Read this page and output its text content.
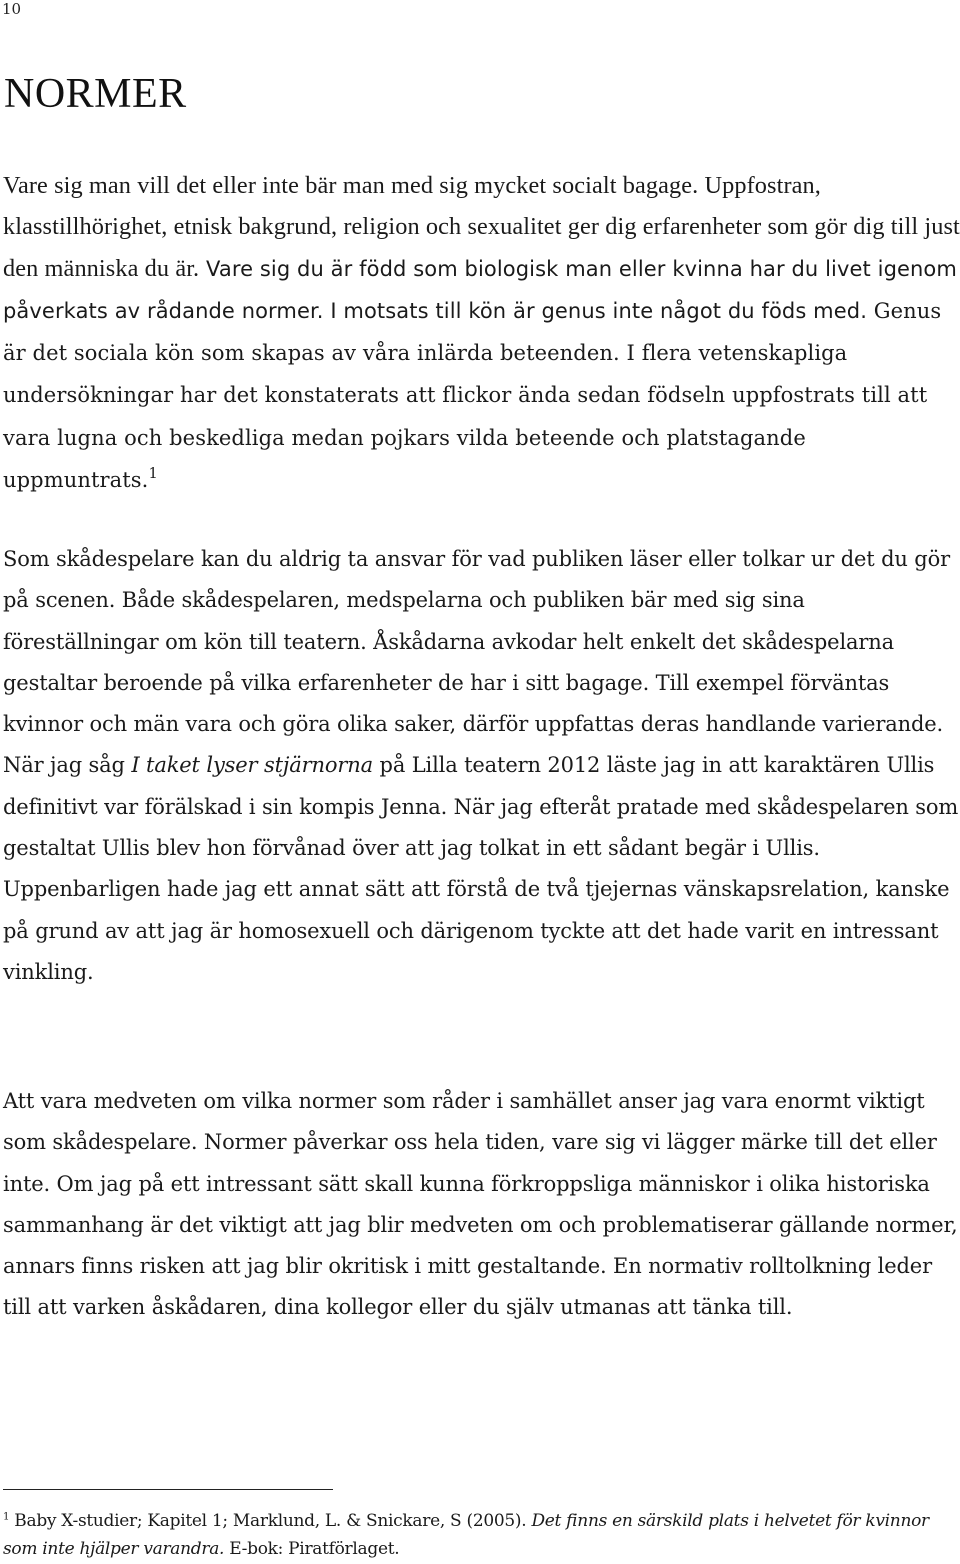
10
NORMER

Vare sig man vill det eller inte bär man med sig mycket socialt bagage. Uppfostran, klasstillhörighet, etnisk bakgrund, religion och sexualitet ger dig erfarenheter som gör dig till just den människa du är. Vare sig du är född som biologisk man eller kvinna har du livet igenom påverkats av rådande normer. I motsats till kön är genus inte något du föds med. Genus är det sociala kön som skapas av våra inlärda beteenden. I flera vetenskapliga undersökningar har det konstaterats att flickor ända sedan födseln uppfostrats till att vara lugna och beskedliga medan pojkars vilda beteende och platstagande uppmuntrats.$^1$

Som skådespelare kan du aldrig ta ansvar för vad publiken läser eller tolkar ur det du gör på scenen. Både skådespelaren, medspelarna och publiken bär med sig sina föreställningar om kön till teatern. Åskådarna avkodar helt enkelt det skådespelarna gestaltar beroende på vilka erfarenheter de har i sitt bagage. Till exempel förväntas kvinnor och män vara och göra olika saker, därför uppfattas deras handlande varierande. När jag såg I taket lyser stjärnorna på Lilla teatern 2012 läste jag in att karaktären Ullis definitivt var förälskad i sin kompis Jenna. När jag efteråt pratade med skådespelaren som gestaltat Ullis blev hon förvånad över att jag tolkat in ett sådant begär i Ullis. Uppenbarligen hade jag ett annat sätt att förstå de två tjejernas vänskapsrelation, kanske på grund av att jag är homosexuell och därigenom tyckte att det hade varit en intressant vinkling.

Att vara medveten om vilka normer som råder i samhället anser jag vara enormt viktigt som skådespelare. Normer påverkar oss hela tiden, vare sig vi lägger märke till det eller inte. Om jag på ett intressant sätt skall kunna förkroppsliga människor i olika historiska sammanhang är det viktigt att jag blir medveten om och problematiserar gällande normer, annars finns risken att jag blir okritisk i mitt gestaltande. En normativ rolltolkning leder till att varken åskådaren, dina kollegor eller du själv utmanas att tänka till.

$^1$ Baby X-studier; Kapitel 1; Marklund, L. & Snickare, S (2005). Det finns en särskild plats i helvetet för kvinnor som inte hjälper varandra. E-bok: Piratförlaget.
